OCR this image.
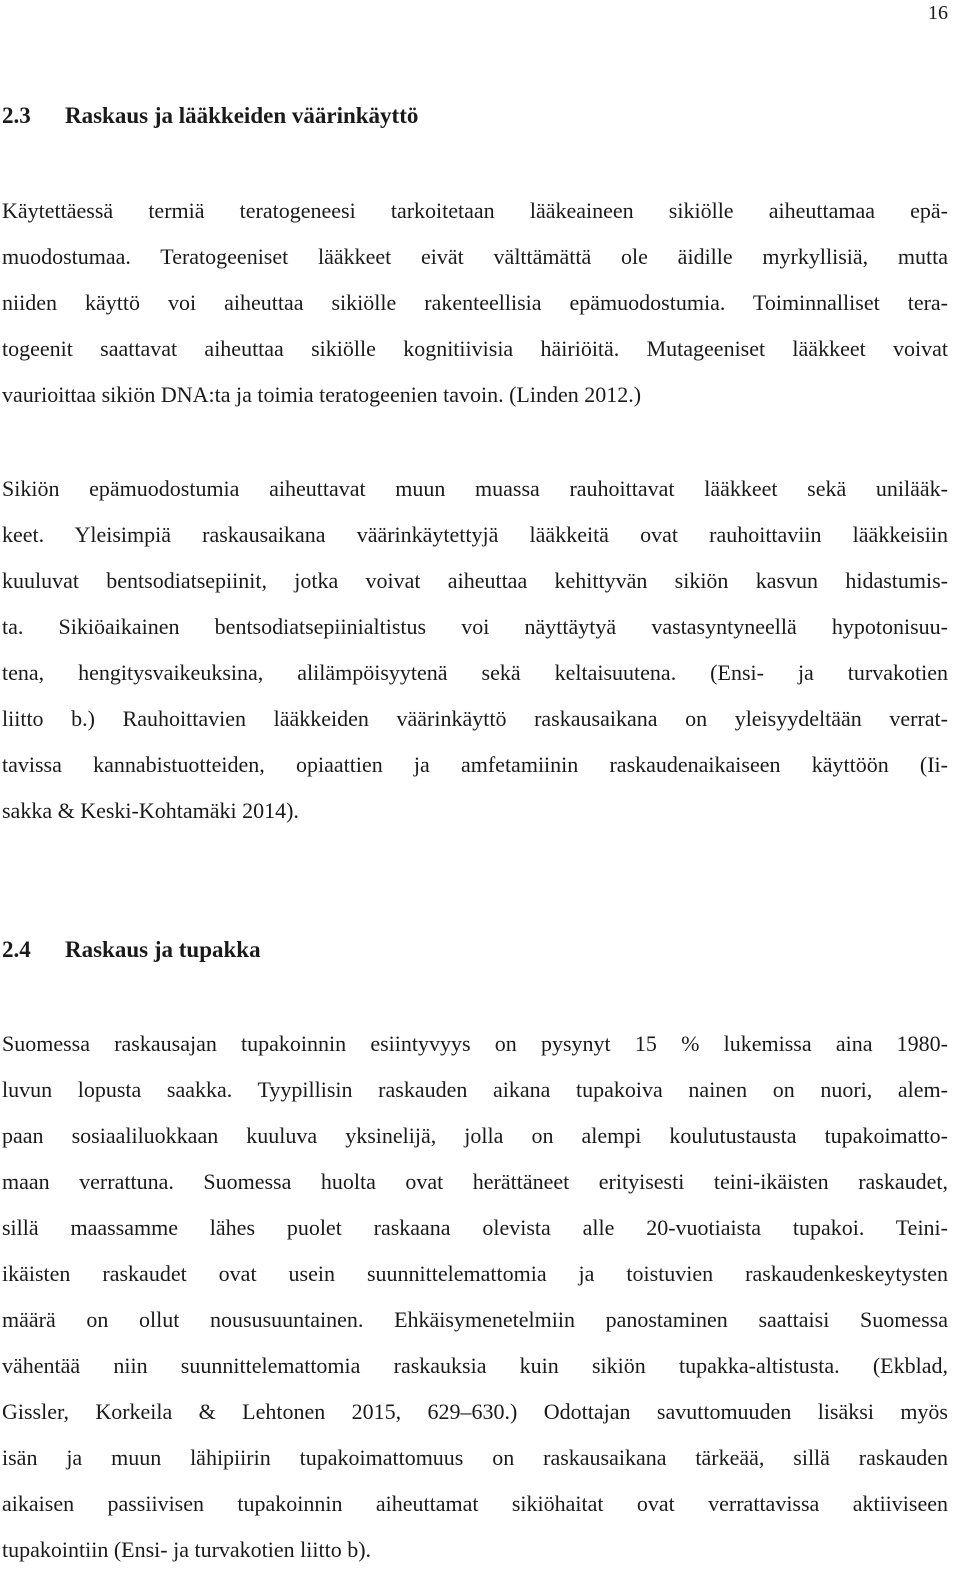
16
2.3 Raskaus ja lääkkeiden väärinkäyttö
Käytettäessä termiä teratogeneesi tarkoitetaan lääkeaineen sikiölle aiheuttamaa epä-
muodostumaa. Teratogeeniset lääkkeet eivät välttämättä ole äidille myrkyllisiä, mutta
niiden käyttö voi aiheuttaa sikiölle rakenteellisia epämuodostumia. Toiminnalliset tera-
togeenit saattavat aiheuttaa sikiölle kognitiivisia häiriöitä. Mutageeniset lääkkeet voivat
vaurioittaa sikiön DNA:ta ja toimia teratogeenien tavoin. (Linden 2012.)
Sikiön epämuodostumia aiheuttavat muun muassa rauhoittavat lääkkeet sekä unilääk-
keet. Yleisimpiä raskausaikana väärinkäytettyjä lääkkeitä ovat rauhoittaviin lääkkeisiin
kuuluvat bentsodiatsepiinit, jotka voivat aiheuttaa kehittyvän sikiön kasvun hidastumis-
ta. Sikiöaikainen bentsodiatsepiinialtistus voi näyttäytyä vastasyntyneellä hypotonisuu-
tena, hengitysvaikeuksina, alilämpöisyytenä sekä keltaisuutena. (Ensi- ja turvakotien
liitto b.) Rauhoittavien lääkkeiden väärinkäyttö raskausaikana on yleisyydeltään verrat-
tavissa kannabistuotteiden, opiaattien ja amfetamiinin raskaudenaikaiseen käyttöön (Ii-
sakka & Keski-Kohtamäki 2014).
2.4 Raskaus ja tupakka
Suomessa raskausajan tupakoinnin esiintyvyys on pysynyt 15 % lukemissa aina 1980-
luvun lopusta saakka. Tyypillisin raskauden aikana tupakoiva nainen on nuori, alem-
paan sosiaaliluokkaan kuuluva yksinelijä, jolla on alempi koulutustausta tupakoimatto-
maan verrattuna. Suomessa huolta ovat herättäneet erityisesti teini-ikäisten raskaudet,
sillä maassamme lähes puolet raskaana olevista alle 20-vuotiaista tupakoi. Teini-
ikäisten raskaudet ovat usein suunnittelemattomia ja toistuvien raskaudenkeskeytysten
määrä on ollut noususuuntainen. Ehkäisymenetelmiin panostaminen saattaisi Suomessa
vähentää niin suunnittelemattomia raskauksia kuin sikiön tupakka-altistusta. (Ekblad,
Gissler, Korkeila & Lehtonen 2015, 629–630.) Odottajan savuttomuuden lisäksi myös
isän ja muun lähipiirin tupakoimattomuus on raskausaikana tärkeää, sillä raskauden
aikaisen passiivisen tupakoinnin aiheuttamat sikiöhaitat ovat verrattavissa aktiiviseen
tupakointiin (Ensi- ja turvakotien liitto b).
